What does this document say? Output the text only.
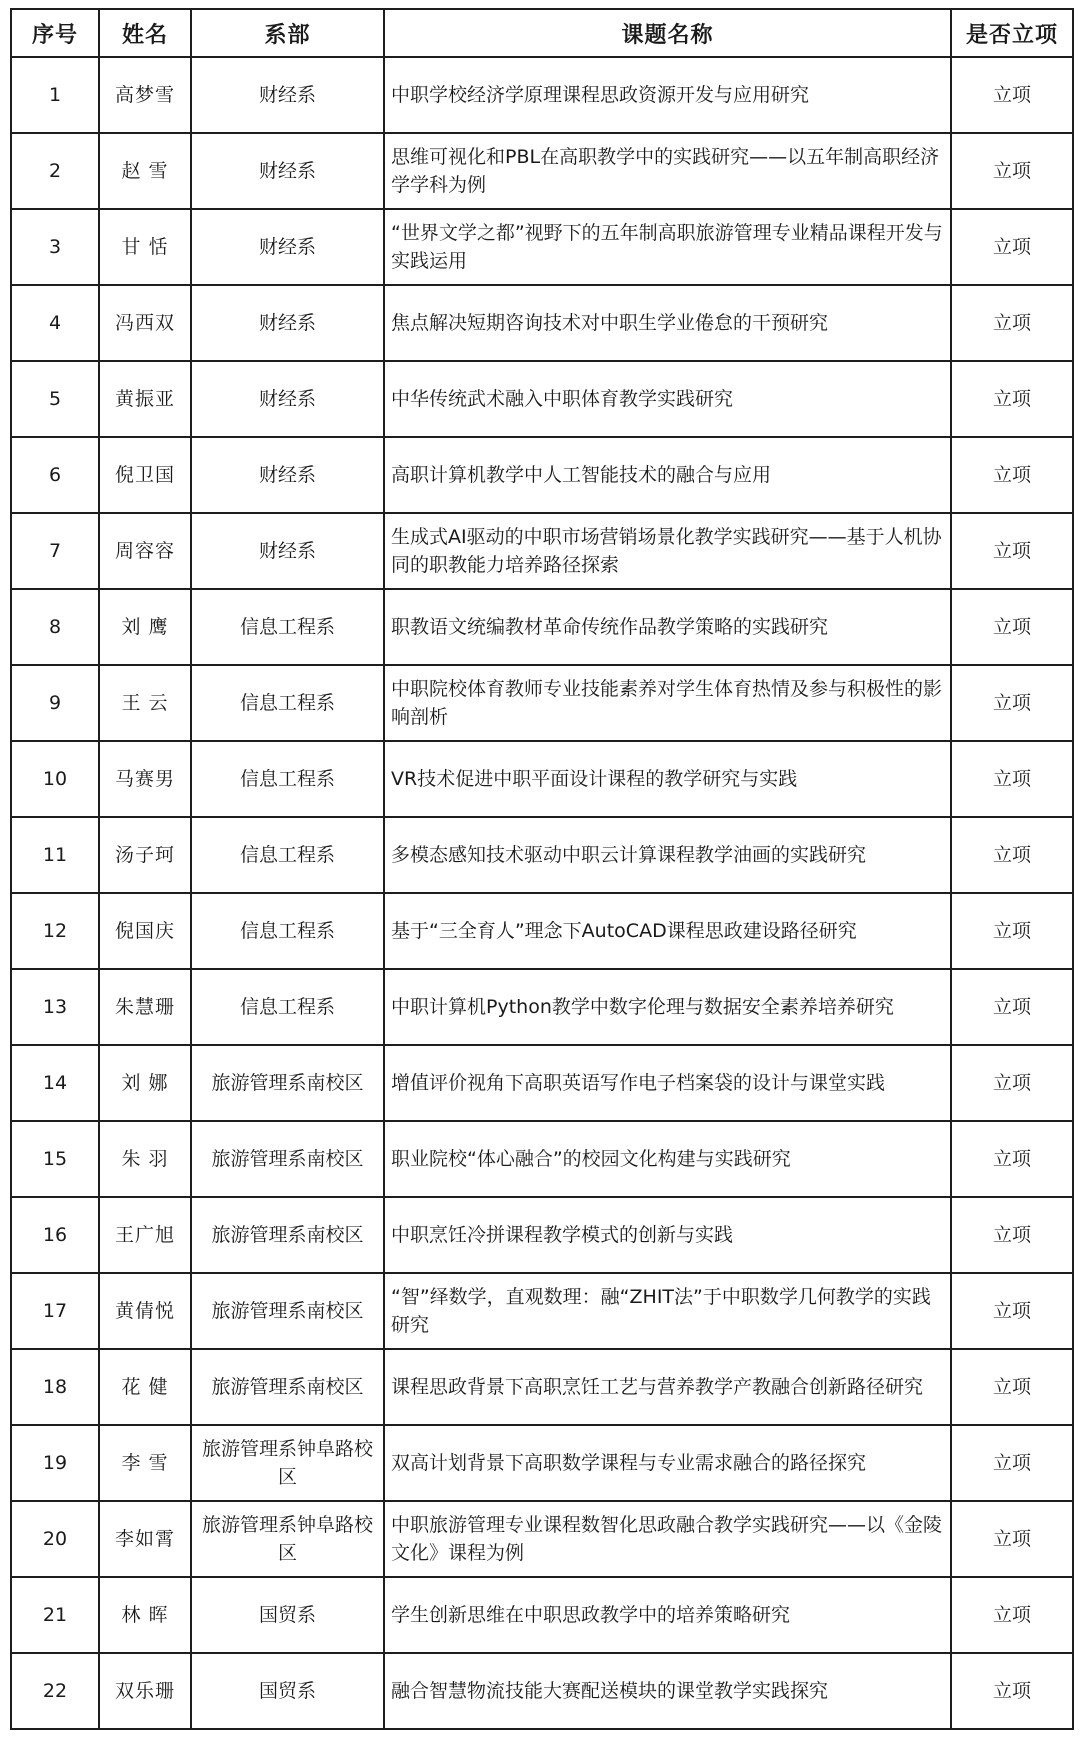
序号	姓名	系部	课题名称	是否立项
1	高梦雪	财经系	中职学校经济学原理课程思政资源开发与应用研究	立项
2	赵 雪	财经系	思维可视化和PBL在高职教学中的实践研究——以五年制高职经济学学科为例	立项
3	甘 恬	财经系	“世界文学之都”视野下的五年制高职旅游管理专业精品课程开发与实践运用	立项
4	冯西双	财经系	焦点解决短期咨询技术对中职生学业倦怠的干预研究	立项
5	黄振亚	财经系	中华传统武术融入中职体育教学实践研究	立项
6	倪卫国	财经系	高职计算机教学中人工智能技术的融合与应用	立项
7	周容容	财经系	生成式AI驱动的中职市场营销场景化教学实践研究——基于人机协同的职教能力培养路径探索	立项
8	刘 鹰	信息工程系	职教语文统编教材革命传统作品教学策略的实践研究	立项
9	王 云	信息工程系	中职院校体育教师专业技能素养对学生体育热情及参与积极性的影响剖析	立项
10	马赛男	信息工程系	VR技术促进中职平面设计课程的教学研究与实践	立项
11	汤子珂	信息工程系	多模态感知技术驱动中职云计算课程教学油画的实践研究	立项
12	倪国庆	信息工程系	基于“三全育人”理念下AutoCAD课程思政建设路径研究	立项
13	朱慧珊	信息工程系	中职计算机Python教学中数字伦理与数据安全素养培养研究	立项
14	刘 娜	旅游管理系南校区	增值评价视角下高职英语写作电子档案袋的设计与课堂实践	立项
15	朱 羽	旅游管理系南校区	职业院校“体心融合”的校园文化构建与实践研究	立项
16	王广旭	旅游管理系南校区	中职烹饪冷拼课程教学模式的创新与实践	立项
17	黄倩悦	旅游管理系南校区	“智”绎数学，直观数理：融“ZHIT法”于中职数学几何教学的实践研究	立项
18	花 健	旅游管理系南校区	课程思政背景下高职烹饪工艺与营养教学产教融合创新路径研究	立项
19	李 雪	旅游管理系钟阜路校区	双高计划背景下高职数学课程与专业需求融合的路径探究	立项
20	李如霄	旅游管理系钟阜路校区	中职旅游管理专业课程数智化思政融合教学实践研究——以《金陵文化》课程为例	立项
21	林 晖	国贸系	学生创新思维在中职思政教学中的培养策略研究	立项
22	双乐珊	国贸系	融合智慧物流技能大赛配送模块的课堂教学实践探究	立项
